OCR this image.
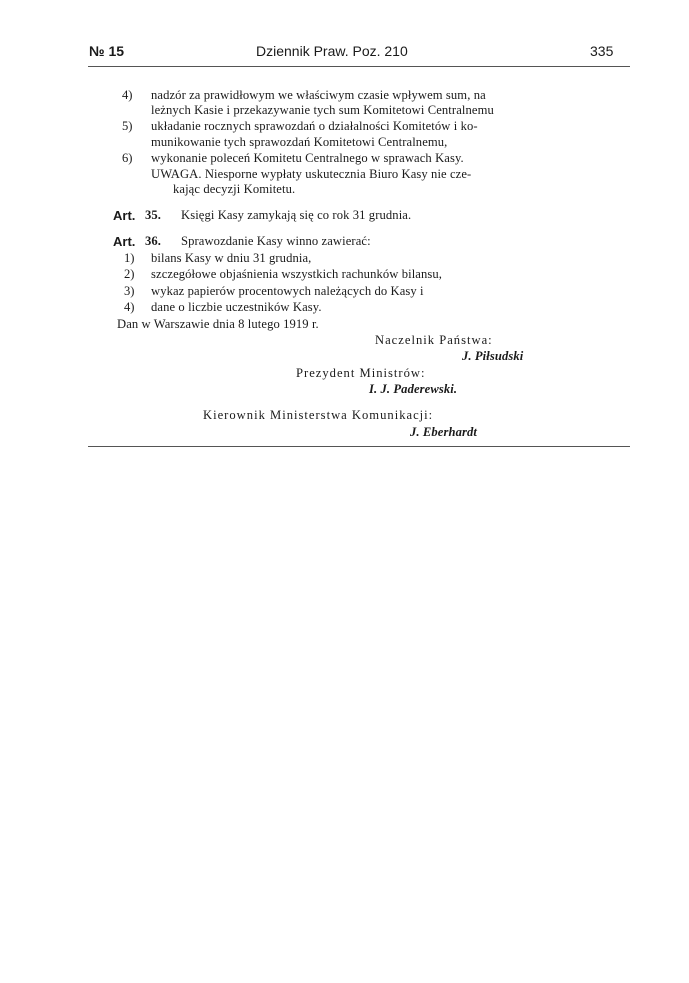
№ 15	Dziennik Praw. Poz. 210	335
4) nadzór za prawidłowym we właściwym czasie wpływem sum, na
leżnych Kasie i przekazywanie tych sum Komitetowi Centralnemu
5) układanie rocznych sprawozdań o działalności Komitetów i ko-
munikowanie tych sprawozdań Komitetowi Centralnemu,
6) wykonanie poleceń Komitetu Centralnego w sprawach Kasy.
UWAGA. Niesporne wypłaty uskutecznia Biuro Kasy nie cze-
kając decyzji Komitetu.
Art. 35. Księgi Kasy zamykają się co rok 31 grudnia.
Art. 36. Sprawozdanie Kasy winno zawierać:
1) bilans Kasy w dniu 31 grudnia,
2) szczegółowe objaśnienia wszystkich rachunków bilansu,
3) wykaz papierów procentowych należących do Kasy i
4) dane o liczbie uczestników Kasy.
Dan w Warszawie dnia 8 lutego 1919 r.
Naczelnik Państwa:
J. Piłsudski
Prezydent Ministrów:
I. J. Paderewski.
Kierownik Ministerstwa Komunikacji:
J. Eberhardt
